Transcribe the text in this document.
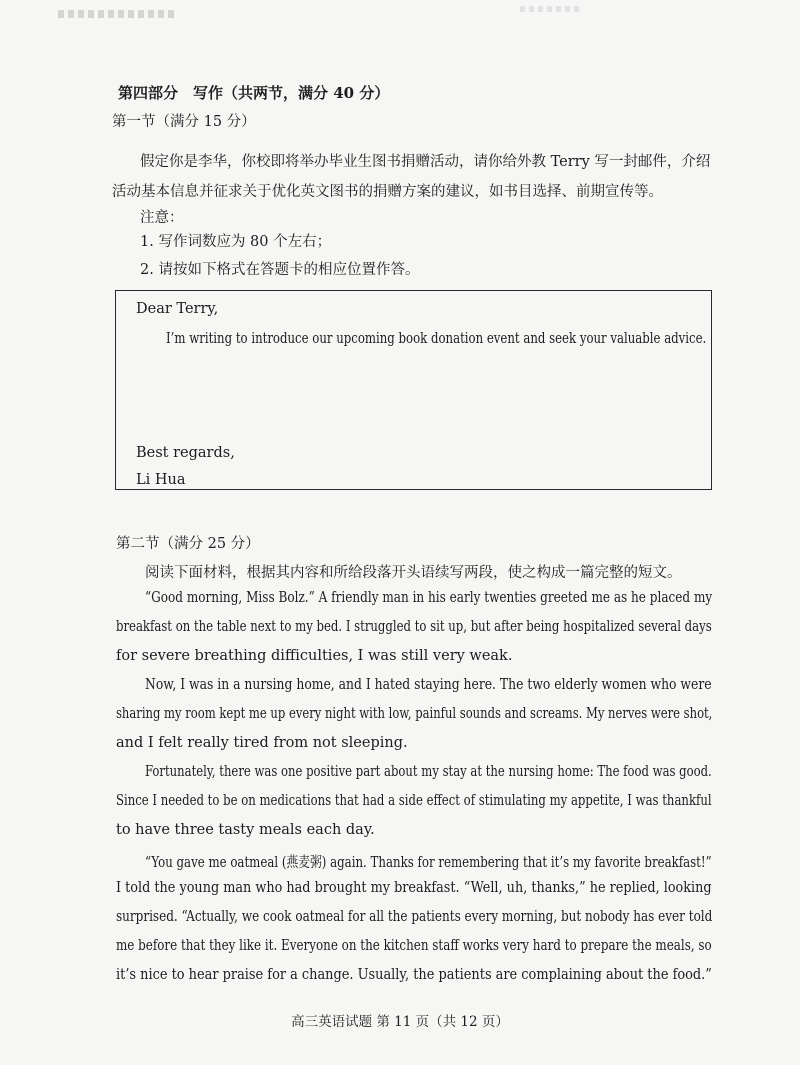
第四部分　写作（共两节，满分 40 分）
第一节（满分 15 分）
假定你是李华，你校即将举办毕业生图书捐赠活动，请你给外教 Terry 写一封邮件，介绍
活动基本信息并征求关于优化英文图书的捐赠方案的建议，如书目选择、前期宣传等。
注意：
1. 写作词数应为 80 个左右；
2. 请按如下格式在答题卡的相应位置作答。
Dear Terry,
I’m writing to introduce our upcoming book donation event and seek your valuable advice.
Best regards,
Li Hua
第二节（满分 25 分）
阅读下面材料，根据其内容和所给段落开头语续写两段，使之构成一篇完整的短文。
“Good morning, Miss Bolz.” A friendly man in his early twenties greeted me as he placed my
breakfast on the table next to my bed. I struggled to sit up, but after being hospitalized several days
for severe breathing difficulties, I was still very weak.
Now, I was in a nursing home, and I hated staying here. The two elderly women who were
sharing my room kept me up every night with low, painful sounds and screams. My nerves were shot,
and I felt really tired from not sleeping.
Fortunately, there was one positive part about my stay at the nursing home: The food was good.
Since I needed to be on medications that had a side effect of stimulating my appetite, I was thankful
to have three tasty meals each day.
“You gave me oatmeal (燕麦粥) again. Thanks for remembering that it’s my favorite breakfast!”
I told the young man who had brought my breakfast. “Well, uh, thanks,” he replied, looking
surprised. “Actually, we cook oatmeal for all the patients every morning, but nobody has ever told
me before that they like it. Everyone on the kitchen staff works very hard to prepare the meals, so
it’s nice to hear praise for a change. Usually, the patients are complaining about the food.”
高三英语试题 第 11 页（共 12 页）
